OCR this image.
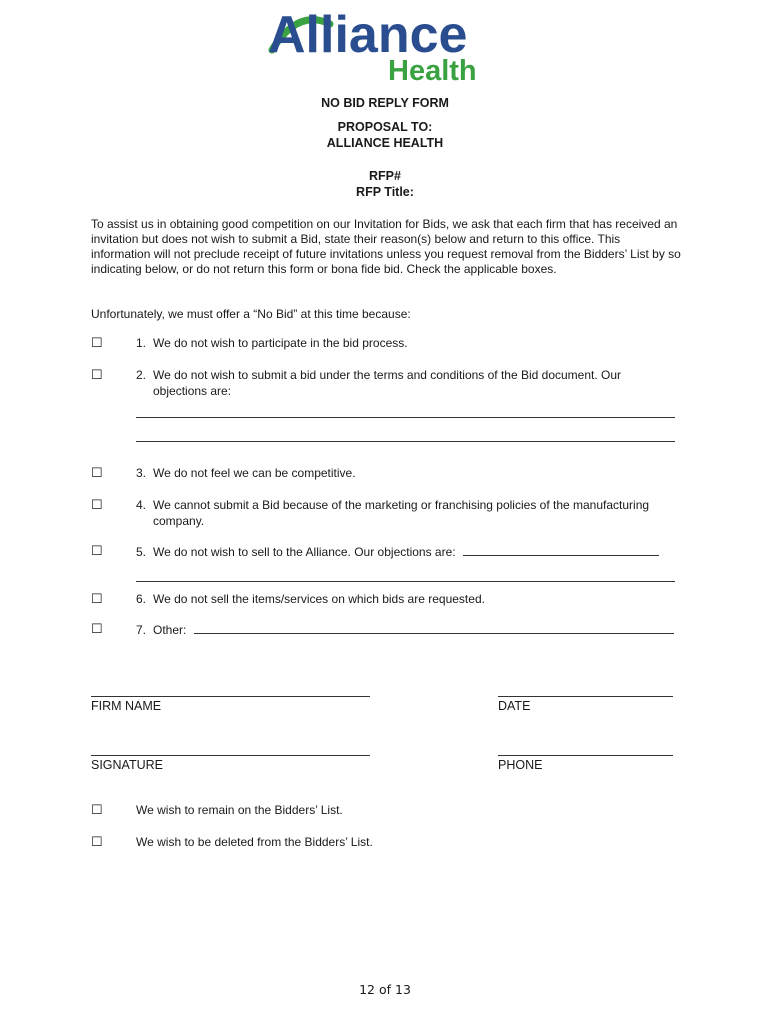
Alliance
Health
NO BID REPLY FORM
PROPOSAL TO:
ALLIANCE HEALTH
RFP#
RFP Title:

To assist us in obtaining good competition on our Invitation for Bids, we ask that each firm that has received an invitation but does not wish to submit a Bid, state their reason(s) below and return to this office. This information will not preclude receipt of future invitations unless you request removal from the Bidders’ List by so indicating below, or do not return this form or bona fide bid. Check the applicable boxes.

Unfortunately, we must offer a “No Bid” at this time because:

☐	1. We do not wish to participate in the bid process.
☐	2. We do not wish to submit a bid under the terms and conditions of the Bid document. Our
objections are:
☐	3. We do not feel we can be competitive.
☐	4. We cannot submit a Bid because of the marketing or franchising policies of the manufacturing
company.
☐	5. We do not wish to sell to the Alliance. Our objections are:
☐	6. We do not sell the items/services on which bids are requested.
☐	7. Other:
FIRM NAME	DATE
SIGNATURE	PHONE
☐	We wish to remain on the Bidders’ List.
☐	We wish to be deleted from the Bidders’ List.
12 of 13
